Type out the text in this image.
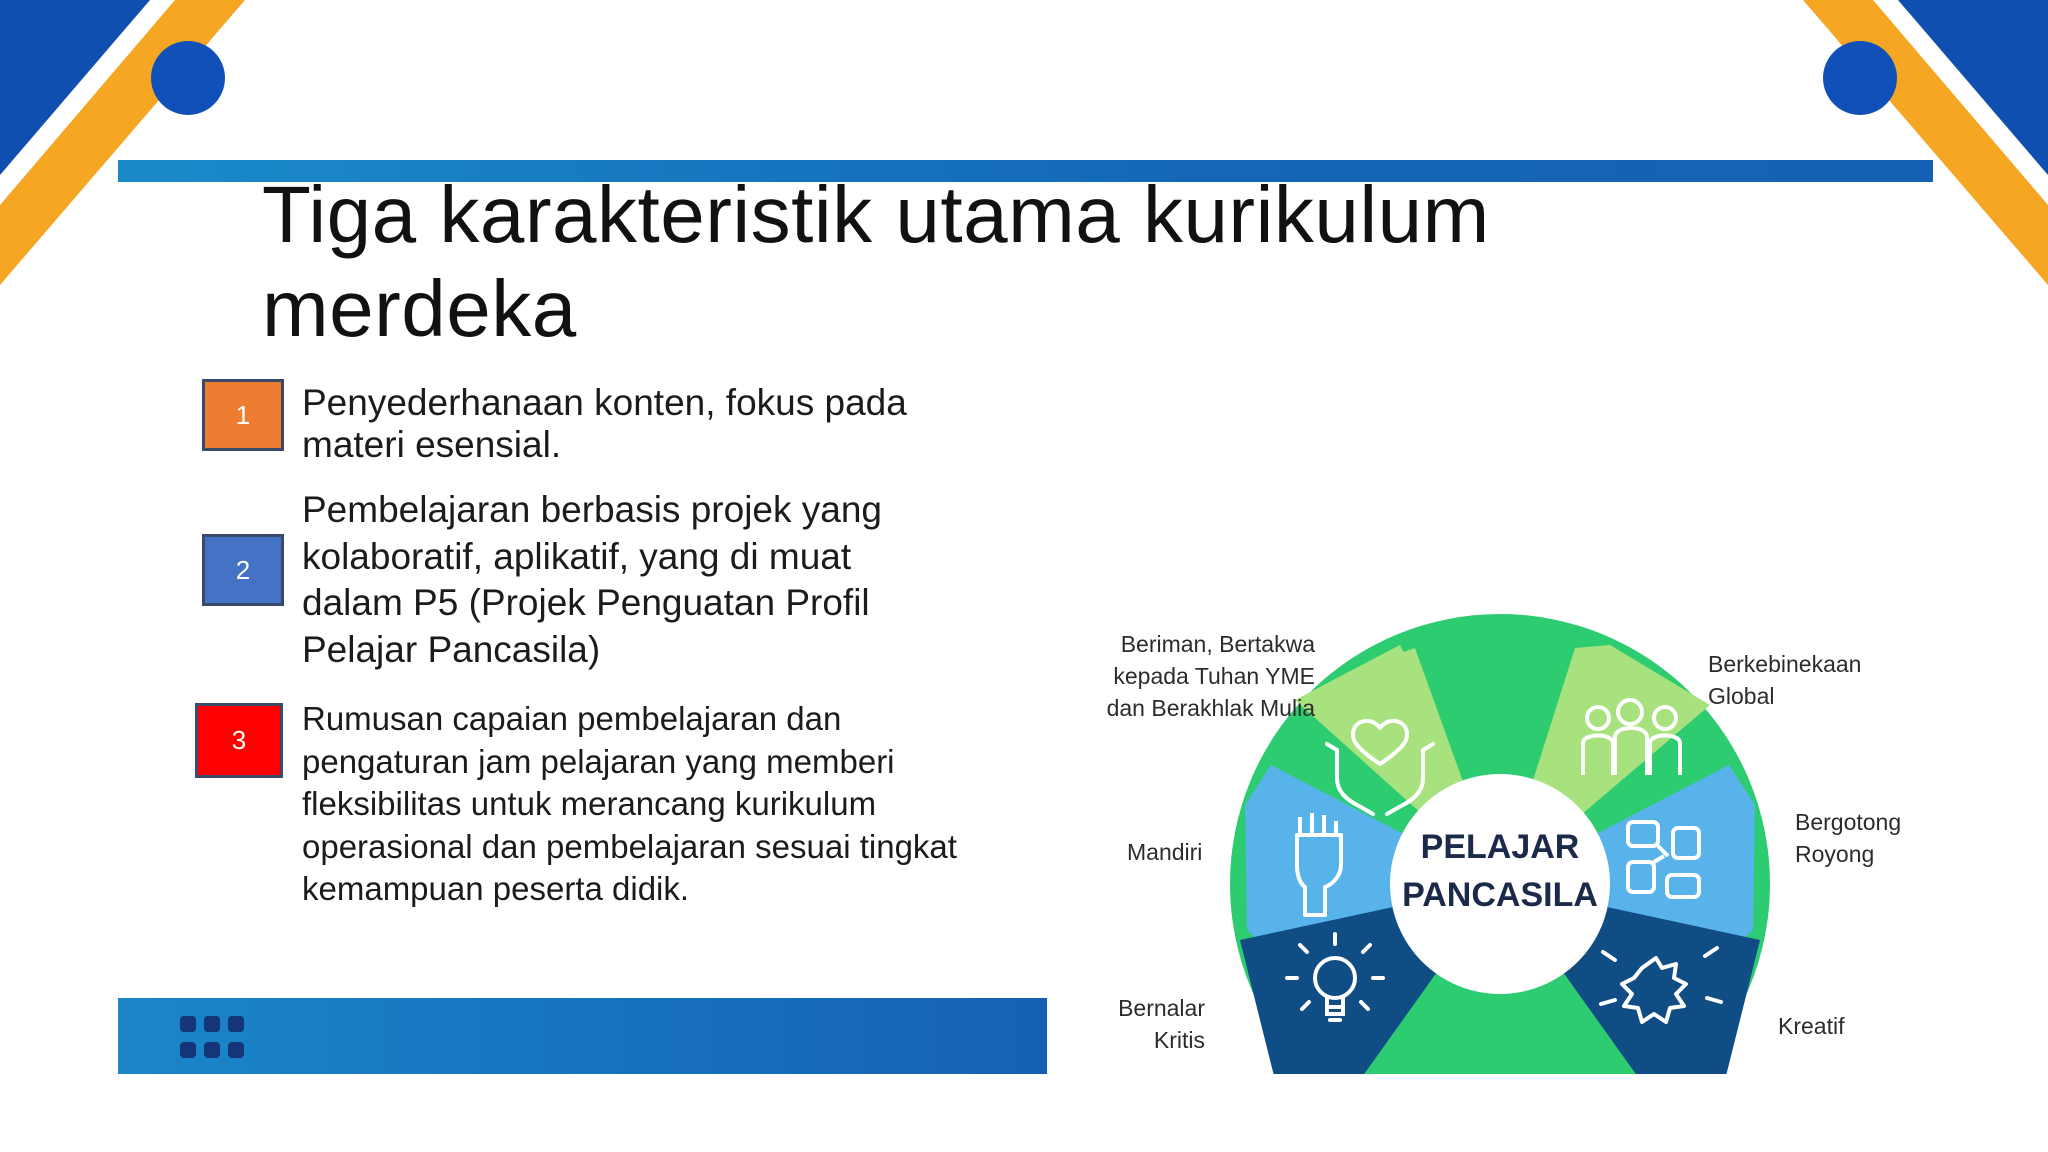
Tiga karakteristik utama kurikulum
merdeka
1 Penyederhanaan konten, fokus pada
materi esensial.
2
Pembelajaran berbasis projek yang
kolaboratif, aplikatif, yang di muat
dalam P5 (Projek Penguatan Profil
Pelajar Pancasila)
3
Rumusan capaian pembelajaran dan
pengaturan jam pelajaran yang memberi
fleksibilitas untuk merancang kurikulum
operasional dan pembelajaran sesuai tingkat
kemampuan peserta didik.
PELAJAR
PANCASILA
Beriman, Bertakwa
kepada Tuhan YME
dan Berakhlak Mulia
Berkebinekaan
Global
Mandiri
Bergotong
Royong
Bernalar
Kritis
Kreatif
